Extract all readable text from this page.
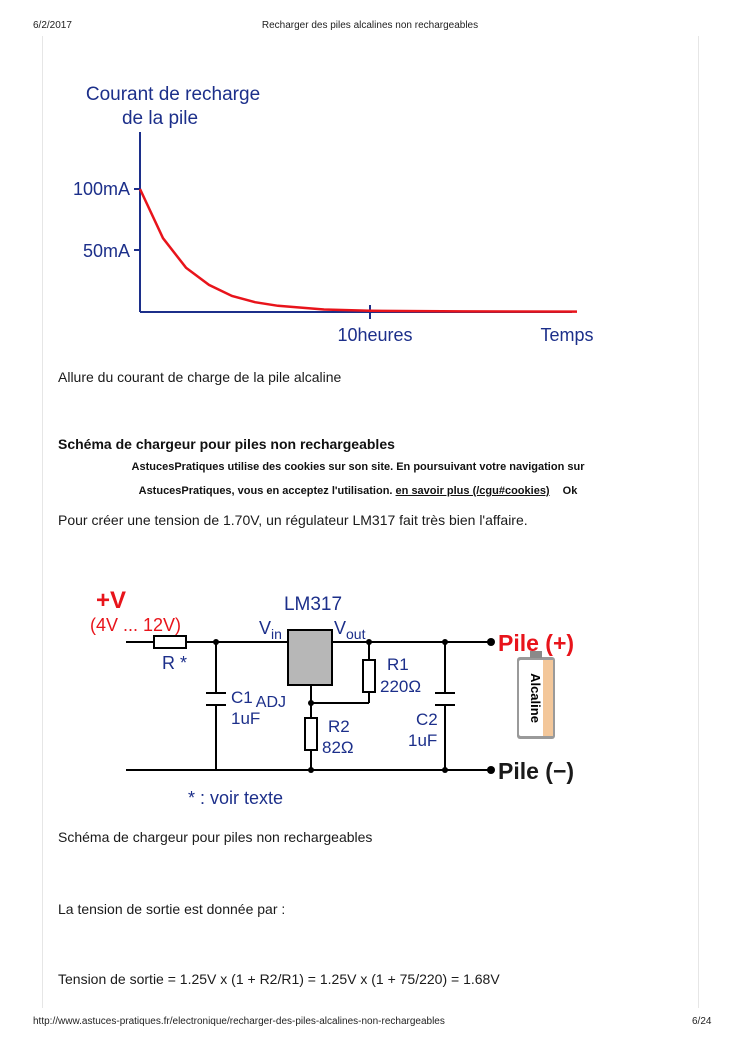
6/2/2017	Recharger des piles alcalines non rechargeables
Courant de recharge
de la pile
100mA
50mA
10heures	Temps
Allure du courant de charge de la pile alcaline
Schéma de chargeur pour piles non rechargeables
AstucesPratiques utilise des cookies sur son site. En poursuivant votre navigation sur
AstucesPratiques, vous en acceptez l'utilisation. en savoir plus (/cgu#cookies) Ok
Pour créer une tension de 1.70V, un régulateur LM317 fait très bien l'affaire.
Alcaline
+V
(4V ... 12V)
R *
LM317
$V_{in}$	$V_{out}$
ADJ
C1
1uF
R1
220Ω
R2
82Ω
C2
1uF
Pile (+)
Pile (−)
* : voir texte
Schéma de chargeur pour piles non rechargeables
La tension de sortie est donnée par :
Tension de sortie = 1.25V x (1 + R2/R1) = 1.25V x (1 + 75/220) = 1.68V
http://www.astuces-pratiques.fr/electronique/recharger-des-piles-alcalines-non-rechargeables	6/24
